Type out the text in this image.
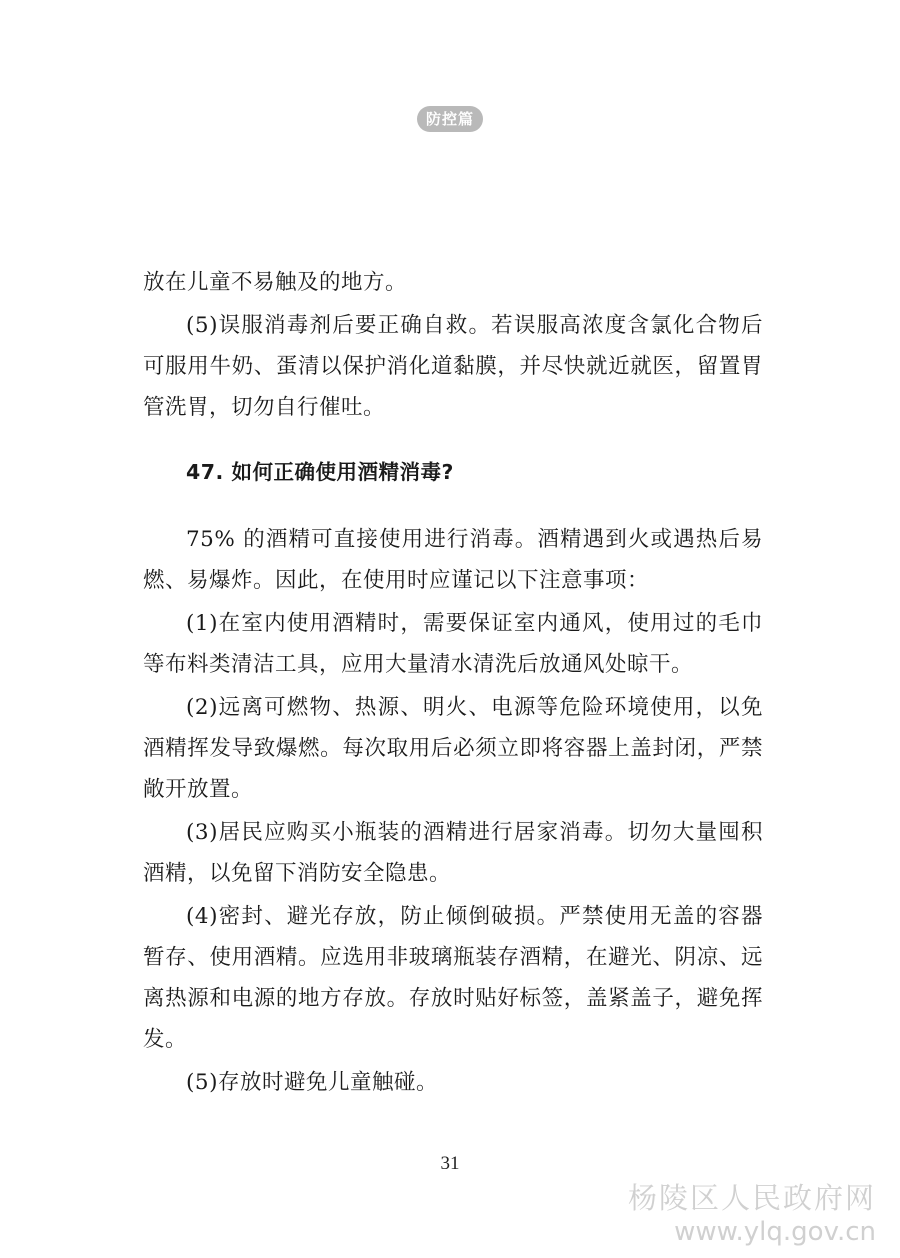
防控篇

放在儿童不易触及的地方。

(5)误服消毒剂后要正确自救。若误服高浓度含氯化合物后可服用牛奶、蛋清以保护消化道黏膜，并尽快就近就医，留置胃管洗胃，切勿自行催吐。

47. 如何正确使用酒精消毒?

75% 的酒精可直接使用进行消毒。酒精遇到火或遇热后易燃、易爆炸。因此，在使用时应谨记以下注意事项：

(1)在室内使用酒精时，需要保证室内通风，使用过的毛巾等布料类清洁工具，应用大量清水清洗后放通风处晾干。

(2)远离可燃物、热源、明火、电源等危险环境使用，以免酒精挥发导致爆燃。每次取用后必须立即将容器上盖封闭，严禁敞开放置。

(3)居民应购买小瓶装的酒精进行居家消毒。切勿大量囤积酒精，以免留下消防安全隐患。

(4)密封、避光存放，防止倾倒破损。严禁使用无盖的容器暂存、使用酒精。应选用非玻璃瓶装存酒精，在避光、阴凉、远离热源和电源的地方存放。存放时贴好标签，盖紧盖子，避免挥发。

(5)存放时避免儿童触碰。

31
杨陵区人民政府网
www.ylq.gov.cn
